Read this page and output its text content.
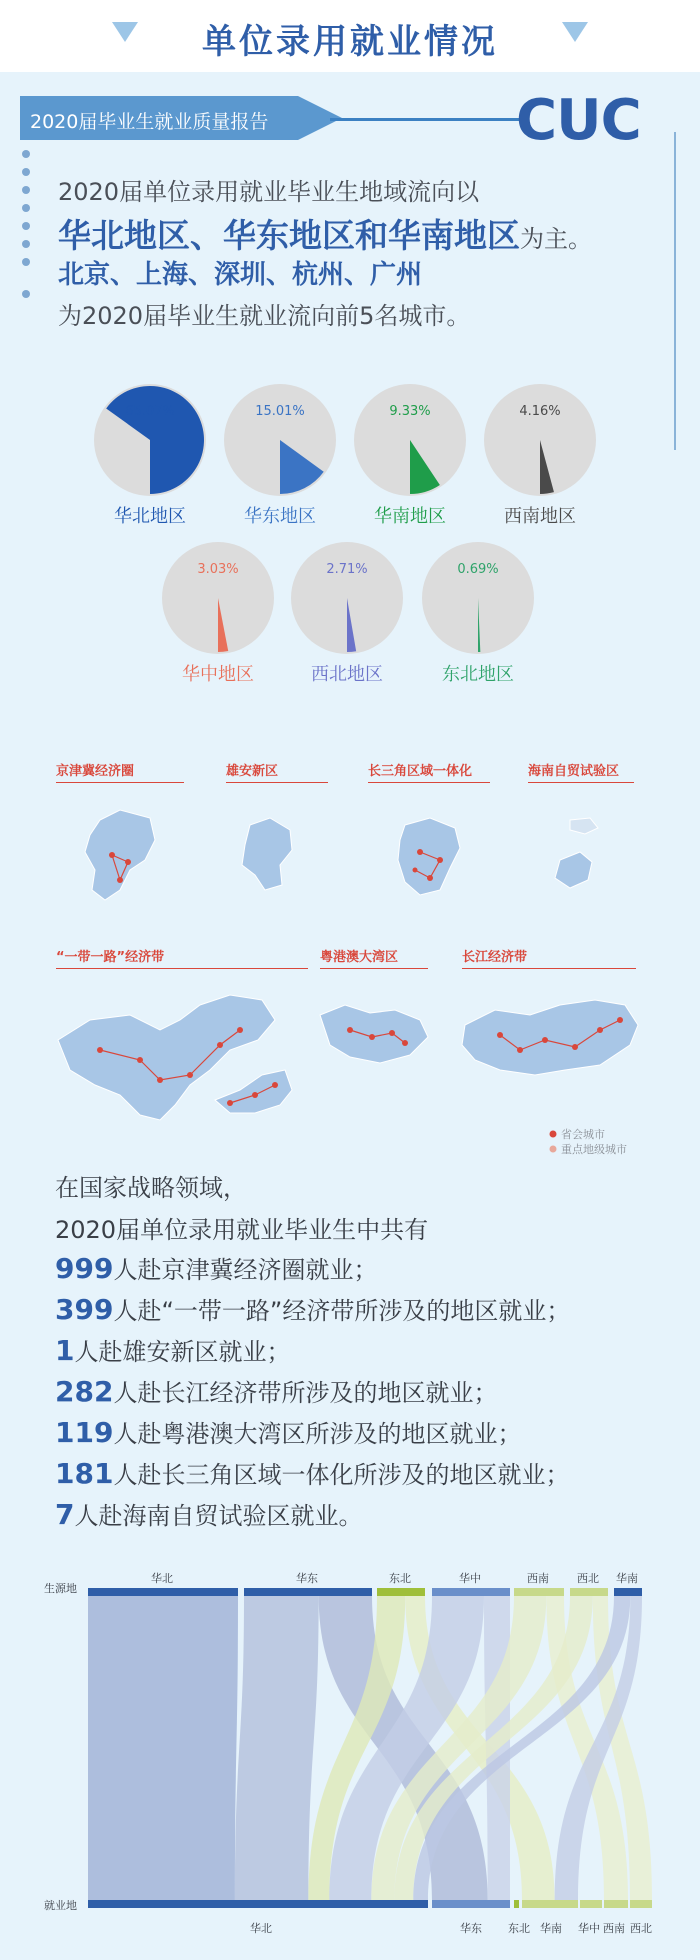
单位录用就业情况
2020届毕业生就业质量报告	CUC
2020届单位录用就业毕业生地域流向以
华北地区、华东地区和华南地区为主。
北京、上海、深圳、杭州、广州
为2020届毕业生就业流向前5名城市。
65.07%
华北地区
15.01%
华东地区
9.33%
华南地区
4.16%
西南地区
3.03%
华中地区
2.71%
西北地区
0.69%
东北地区
京津冀经济圈	雄安新区	长三角区域一体化	海南自贸试验区
“一带一路”经济带	粤港澳大湾区	长江经济带
省会城市
重点地级城市
在国家战略领域，
2020届单位录用就业毕业生中共有
999人赴京津冀经济圈就业；
399人赴“一带一路”经济带所涉及的地区就业；
1人赴雄安新区就业；
282人赴长江经济带所涉及的地区就业；
119人赴粤港澳大湾区所涉及的地区就业；
181人赴长三角区域一体化所涉及的地区就业；
7人赴海南自贸试验区就业。
生源地
就业地
华北	华东	东北	华中	西南	西北 华南
华北	华东 东北 华南 华中 西南 西北
